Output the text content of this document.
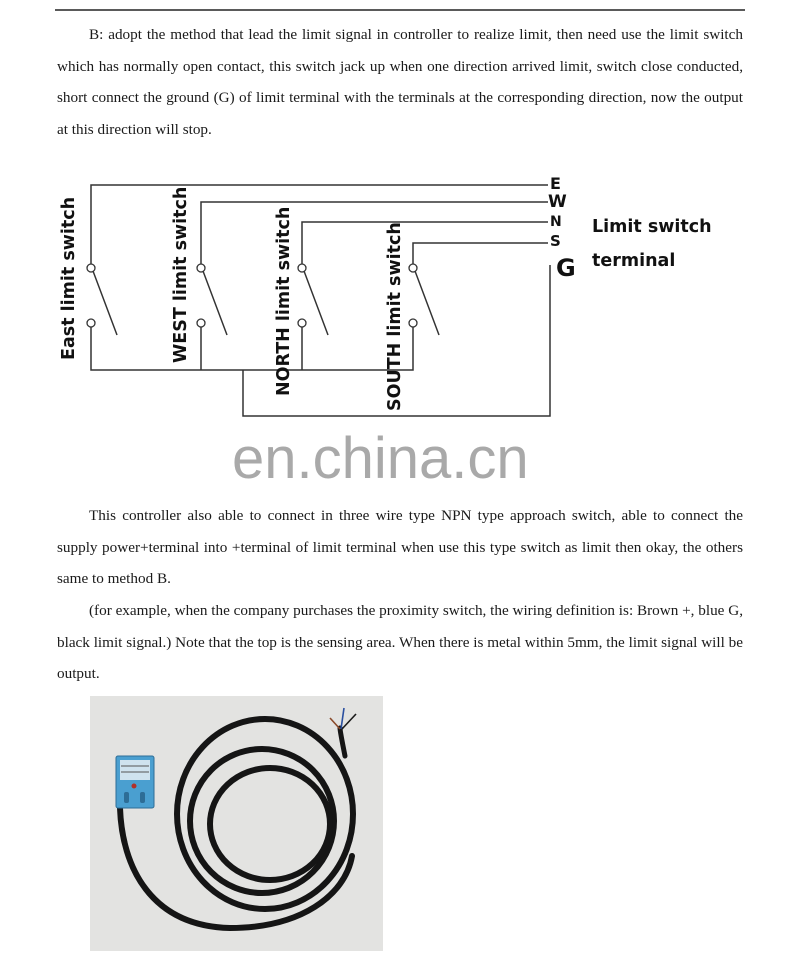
B: adopt the method that lead the limit signal in controller to realize limit, then need use the limit switch which has normally open contact, this switch jack up when one direction arrived limit, switch close conducted, short connect the ground (G) of limit terminal with the terminals at the corresponding direction, now the output at this direction will stop.

East limit switch	WEST limit switch	NORTH limit switch	SOUTH limit switch
E
W
N
S
G
Limit switch
terminal
en.china.cn

This controller also able to connect in three wire type NPN type approach switch, able to connect the supply power+terminal into +terminal of limit terminal when use this type switch as limit then okay, the others same to method B.

(for example, when the company purchases the proximity switch, the wiring definition is: Brown +, blue G, black limit signal.) Note that the top is the sensing area. When there is metal within 5mm, the limit signal will be output.
